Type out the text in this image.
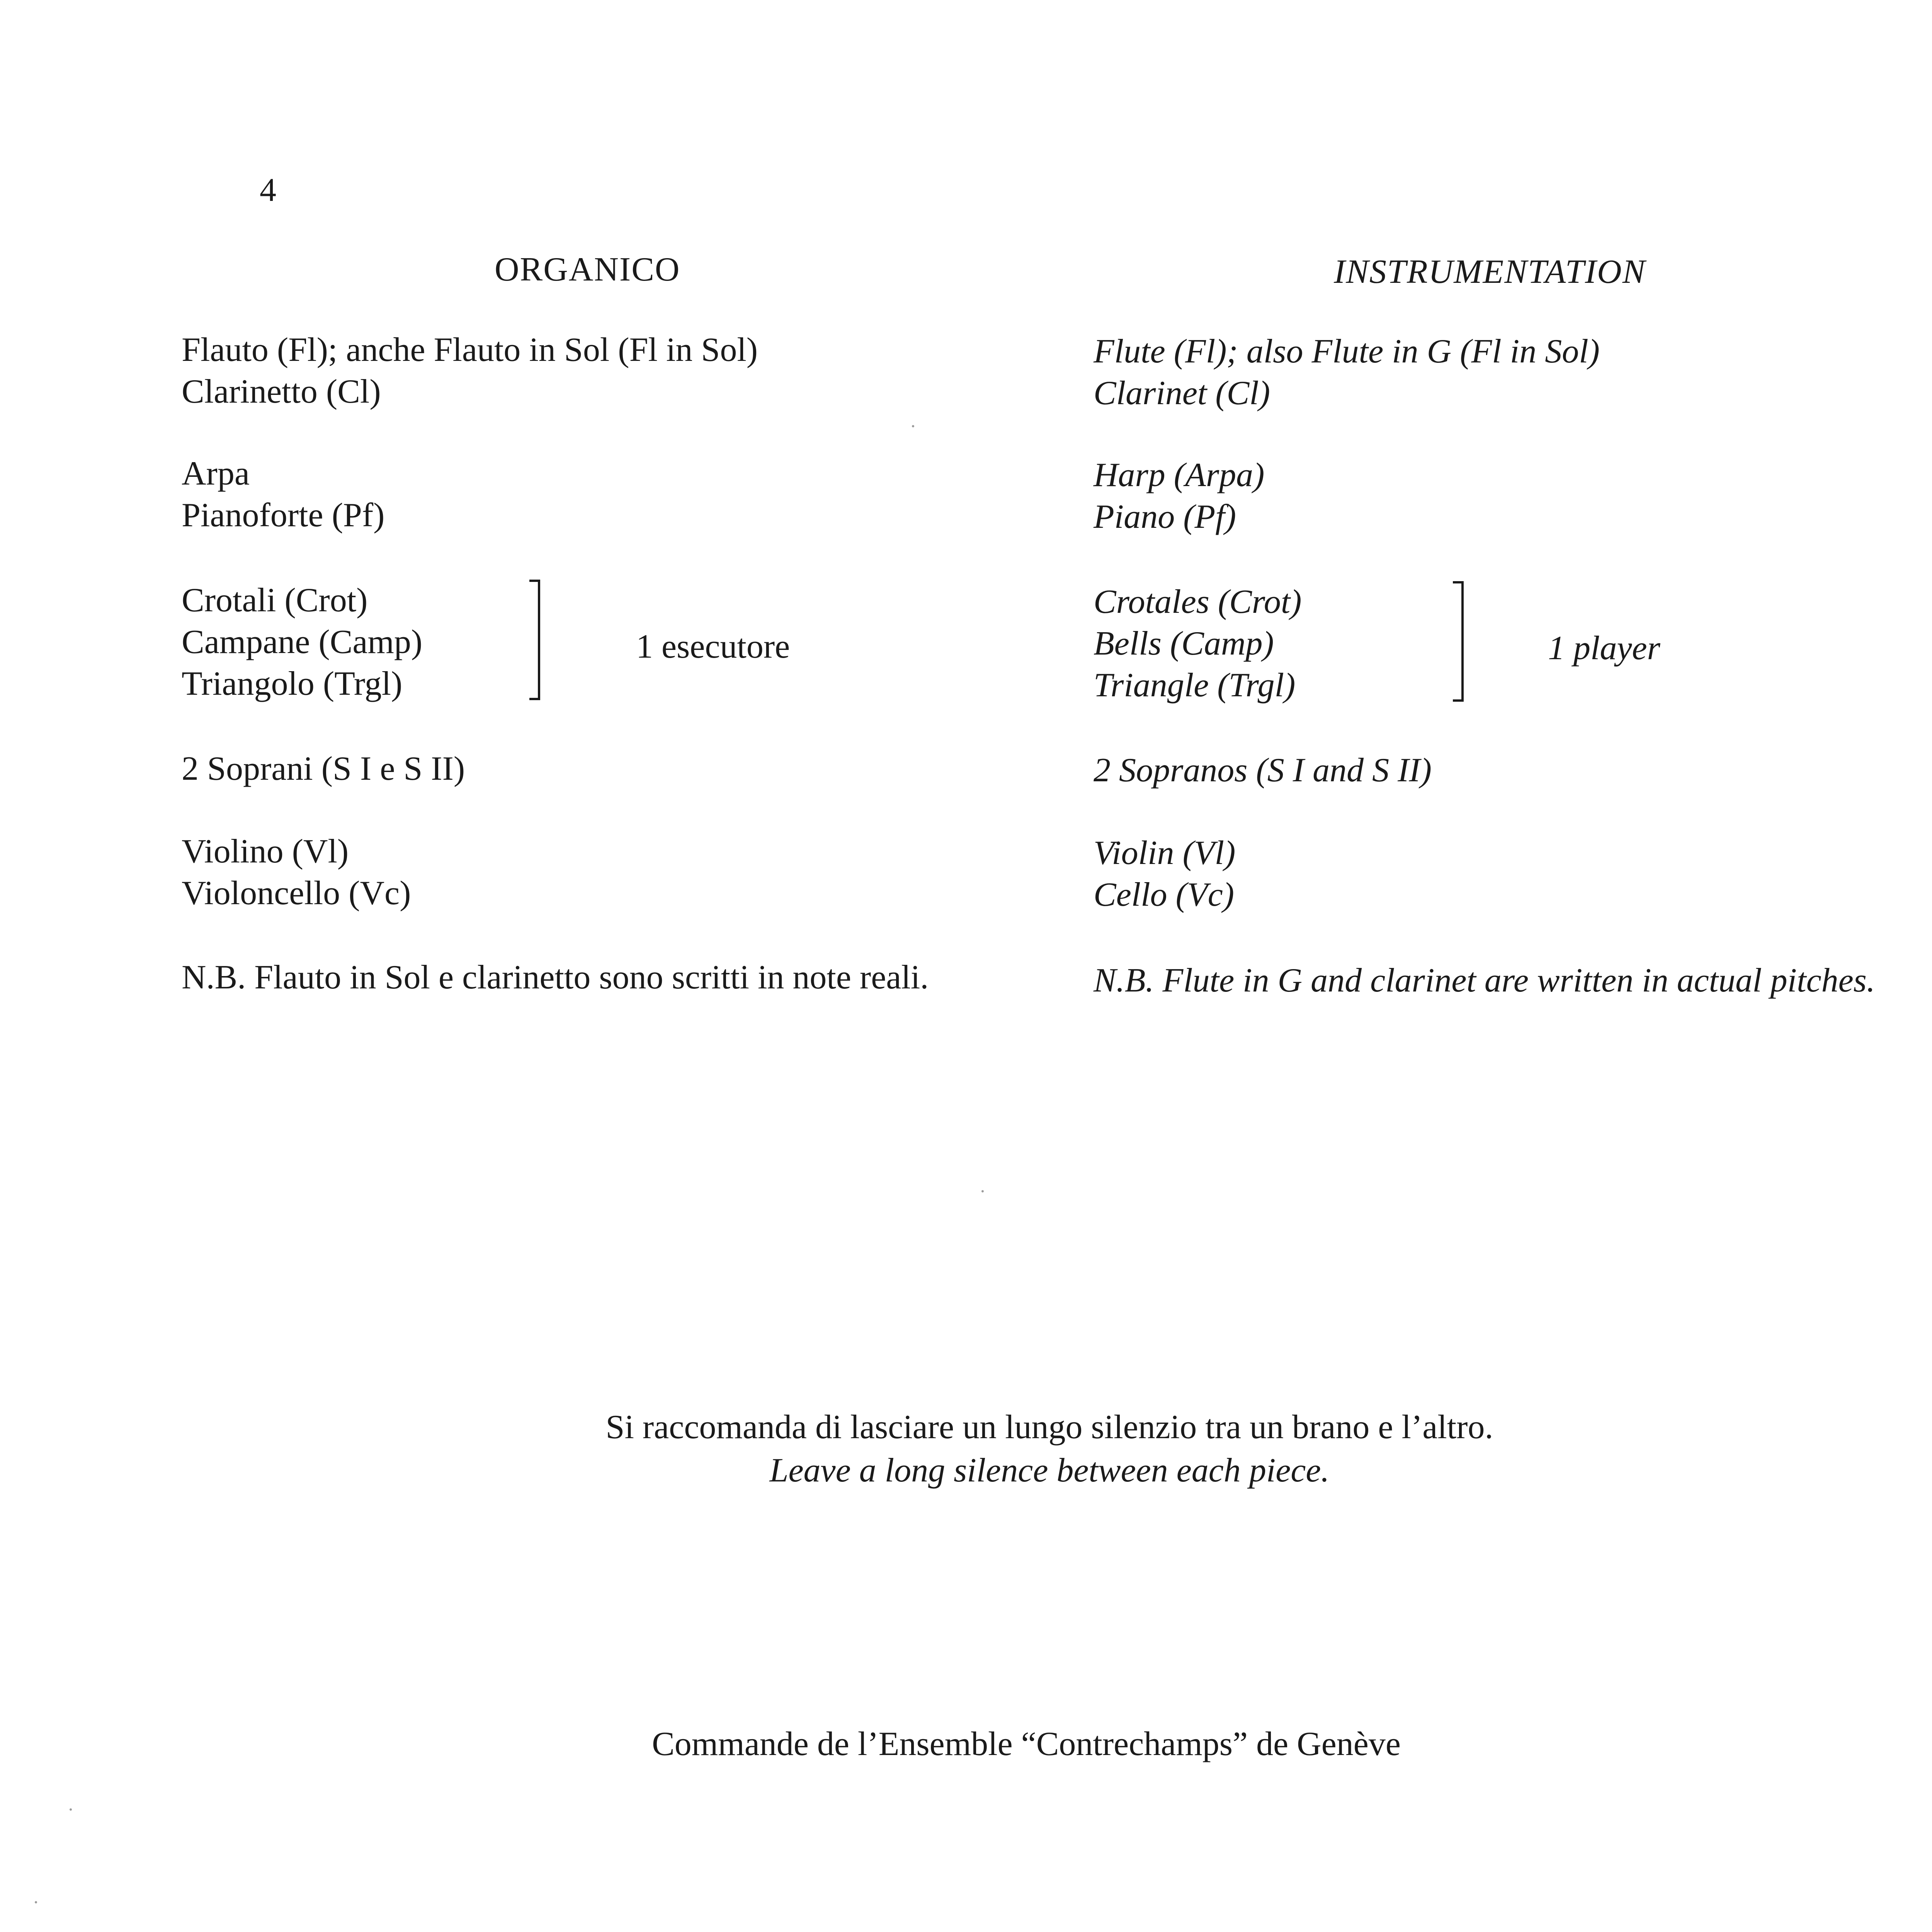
4
ORGANICO	INSTRUMENTATION
Flauto (Fl); anche Flauto in Sol (Fl in Sol)
Clarinetto (Cl)
Arpa
Pianoforte (Pf)
Crotali (Crot)
Campane (Camp)
Triangolo (Trgl)
1 esecutore
2 Soprani (S I e S II)
Violino (Vl)
Violoncello (Vc)
N.B. Flauto in Sol e clarinetto sono scritti in note reali.
Flute (Fl); also Flute in G (Fl in Sol)
Clarinet (Cl)
Harp (Arpa)
Piano (Pf)
Crotales (Crot)
Bells (Camp)
Triangle (Trgl)
1 player
2 Sopranos (S I and S II)
Violin (Vl)
Cello (Vc)
N.B. Flute in G and clarinet are written in actual pitches.
Si raccomanda di lasciare un lungo silenzio tra un brano e l’altro.
Leave a long silence between each piece.
Commande de l’Ensemble “Contrechamps” de Genève
